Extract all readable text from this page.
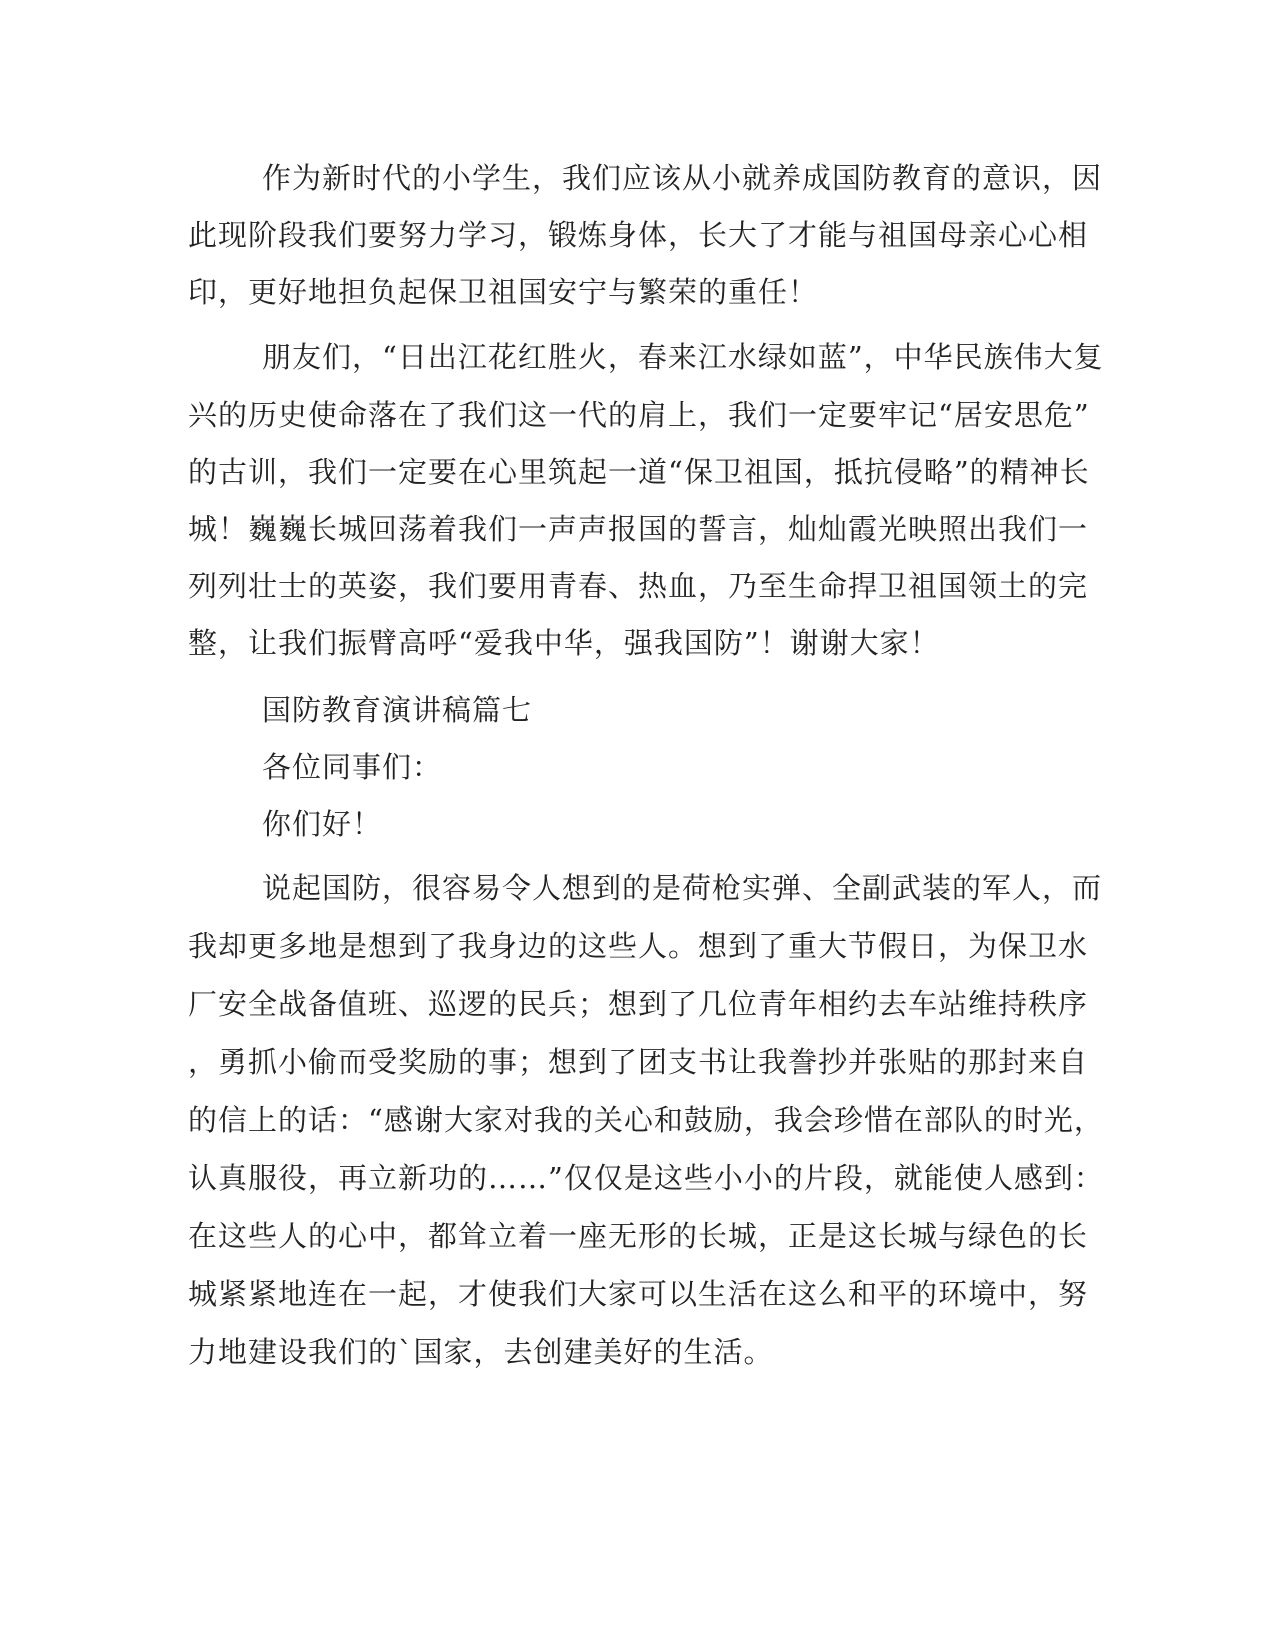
作为新时代的小学生，我们应该从小就养成国防教育的意识，因
此现阶段我们要努力学习，锻炼身体，长大了才能与祖国母亲心心相
印，更好地担负起保卫祖国安宁与繁荣的重任！
朋友们，“日出江花红胜火，春来江水绿如蓝”，中华民族伟大复
兴的历史使命落在了我们这一代的肩上，我们一定要牢记“居安思危”
的古训，我们一定要在心里筑起一道“保卫祖国，抵抗侵略”的精神长
城！巍巍长城回荡着我们一声声报国的誓言，灿灿霞光映照出我们一
列列壮士的英姿，我们要用青春、热血，乃至生命捍卫祖国领土的完
整，让我们振臂高呼“爱我中华，强我国防”！谢谢大家！
国防教育演讲稿篇七
各位同事们：
你们好！
说起国防，很容易令人想到的是荷枪实弹、全副武装的军人，而
我却更多地是想到了我身边的这些人。想到了重大节假日，为保卫水
厂安全战备值班、巡逻的民兵；想到了几位青年相约去车站维持秩序
，勇抓小偷而受奖励的事；想到了团支书让我誊抄并张贴的那封来自
的信上的话：“感谢大家对我的关心和鼓励，我会珍惜在部队的时光，
认真服役，再立新功的……”仅仅是这些小小的片段，就能使人感到：
在这些人的心中，都耸立着一座无形的长城，正是这长城与绿色的长
城紧紧地连在一起，才使我们大家可以生活在这么和平的环境中，努
力地建设我们的`国家，去创建美好的生活。
